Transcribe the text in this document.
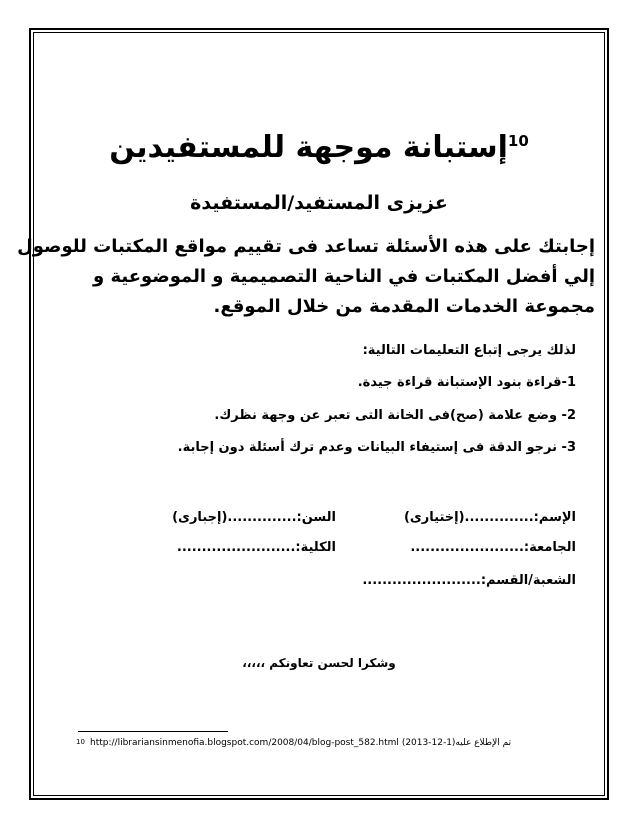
$^{10}$إستبانة موجهة للمستفيدين
عزيزى المستفيد/المستفيدة
إجابتك على هذه الأسئلة تساعد فى تقييم مواقع المكتبات للوصول
إلي أفضل المكتبات في الناحية التصميمية و الموضوعية و
مجموعة الخدمات المقدمة من خلال الموقع.
لذلك يرجى إتباع التعليمات التالية:
1-قراءة بنود الإستبانة قراءة جيدة.
2- وضع علامة (صح)فى الخانة التى تعبر عن وجهة نظرك.
3- نرجو الدقة فى إستيفاء البيانات وعدم ترك أسئلة دون إجابة.
الإسم:..............(إختيارى)
السن:..............(إجبارى)
الجامعة:.......................
الكلية:........................
الشعبة/القسم:........................
وشكرا لحسن تعاونكم ،،،،،
10 http://librariansinmenofia.blogspot.com/2008/04/blog-post_582.html تم الإطلاع عليه(1-12-2013)
